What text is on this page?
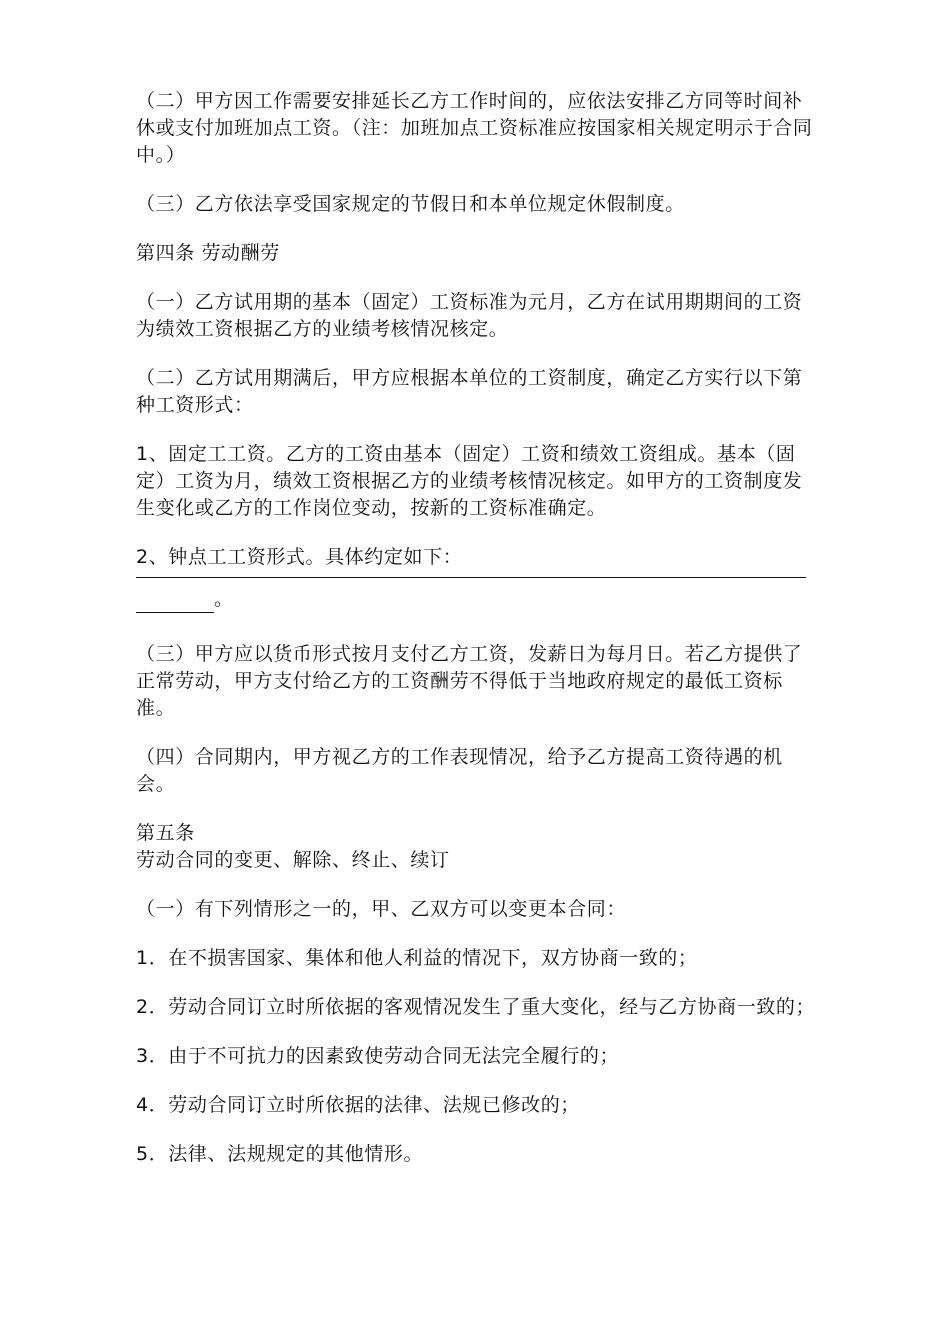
（二）甲方因工作需要安排延长乙方工作时间的，应依法安排乙方同等时间补休或支付加班加点工资。（注：加班加点工资标准应按国家相关规定明示于合同中。）

（三）乙方依法享受国家规定的节假日和本单位规定休假制度。

第四条 劳动酬劳

（一）乙方试用期的基本（固定）工资标准为元月，乙方在试用期期间的工资为绩效工资根据乙方的业绩考核情况核定。

（二）乙方试用期满后，甲方应根据本单位的工资制度，确定乙方实行以下第种工资形式：

1、固定工工资。乙方的工资由基本（固定）工资和绩效工资组成。基本（固定）工资为月，绩效工资根据乙方的业绩考核情况核定。如甲方的工资制度发生变化或乙方的工作岗位变动，按新的工资标准确定。

2、钟点工工资形式。具体约定如下：

。

（三）甲方应以货币形式按月支付乙方工资，发薪日为每月日。若乙方提供了正常劳动，甲方支付给乙方的工资酬劳不得低于当地政府规定的最低工资标准。

（四）合同期内，甲方视乙方的工作表现情况，给予乙方提高工资待遇的机会。

第五条

劳动合同的变更、解除、终止、续订

（一）有下列情形之一的，甲、乙双方可以变更本合同：

1．在不损害国家、集体和他人利益的情况下，双方协商一致的；

2．劳动合同订立时所依据的客观情况发生了重大变化，经与乙方协商一致的；

3．由于不可抗力的因素致使劳动合同无法完全履行的；

4．劳动合同订立时所依据的法律、法规已修改的；

5．法律、法规规定的其他情形。
